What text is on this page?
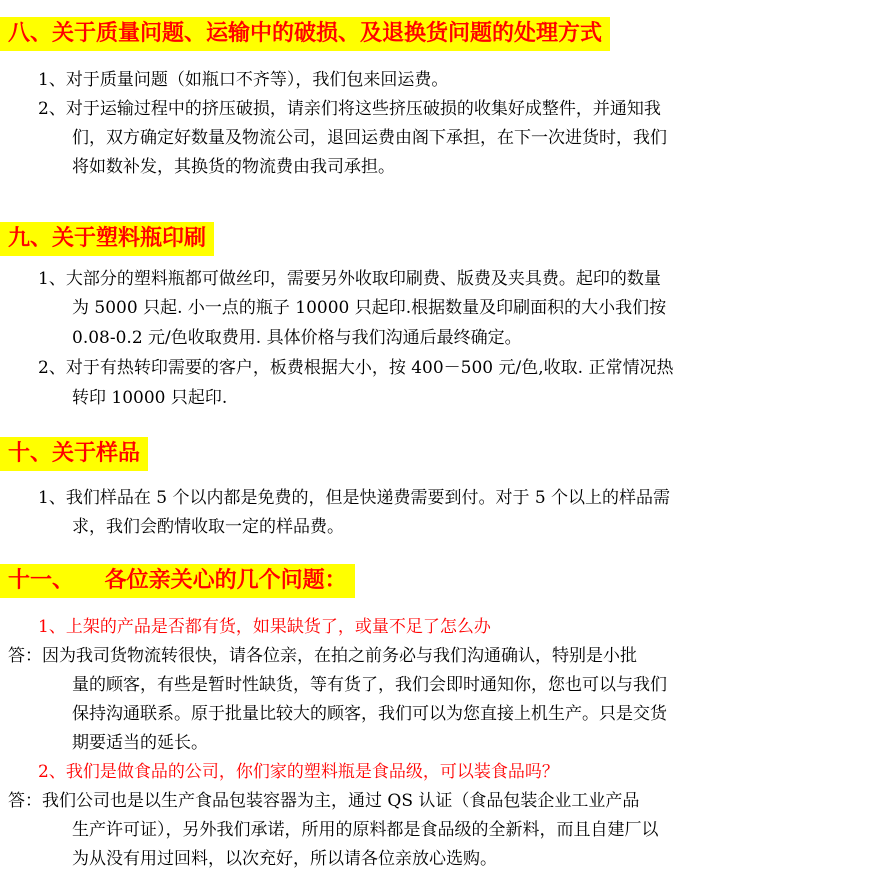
八、关于质量问题、运输中的破损、及退换货问题的处理方式
1、对于质量问题（如瓶口不齐等），我们包来回运费。
2、对于运输过程中的挤压破损，请亲们将这些挤压破损的收集好成整件，并通知我
们，双方确定好数量及物流公司，退回运费由阁下承担，在下一次进货时，我们
将如数补发，其换货的物流费由我司承担。
九、关于塑料瓶印刷
1、大部分的塑料瓶都可做丝印，需要另外收取印刷费、版费及夹具费。起印的数量
为 5000 只起. 小一点的瓶子 10000 只起印.根据数量及印刷面积的大小我们按
0.08-0.2 元/色收取费用. 具体价格与我们沟通后最终确定。
2、对于有热转印需要的客户，板费根据大小，按 400－500 元/色,收取. 正常情况热
转印 10000 只起印.
十、关于样品
1、我们样品在 5 个以内都是免费的，但是快递费需要到付。对于 5 个以上的样品需
求，我们会酌情收取一定的样品费。
十一、    各位亲关心的几个问题：
1、上架的产品是否都有货，如果缺货了，或量不足了怎么办
答：因为我司货物流转很快，请各位亲，在拍之前务必与我们沟通确认，特别是小批
量的顾客，有些是暂时性缺货，等有货了，我们会即时通知你，您也可以与我们
保持沟通联系。原于批量比较大的顾客，我们可以为您直接上机生产。只是交货
期要适当的延长。
2、我们是做食品的公司，你们家的塑料瓶是食品级，可以装食品吗？
答：我们公司也是以生产食品包装容器为主，通过 QS 认证（食品包装企业工业产品
生产许可证），另外我们承诺，所用的原料都是食品级的全新料，而且自建厂以
为从没有用过回料，以次充好，所以请各位亲放心选购。
